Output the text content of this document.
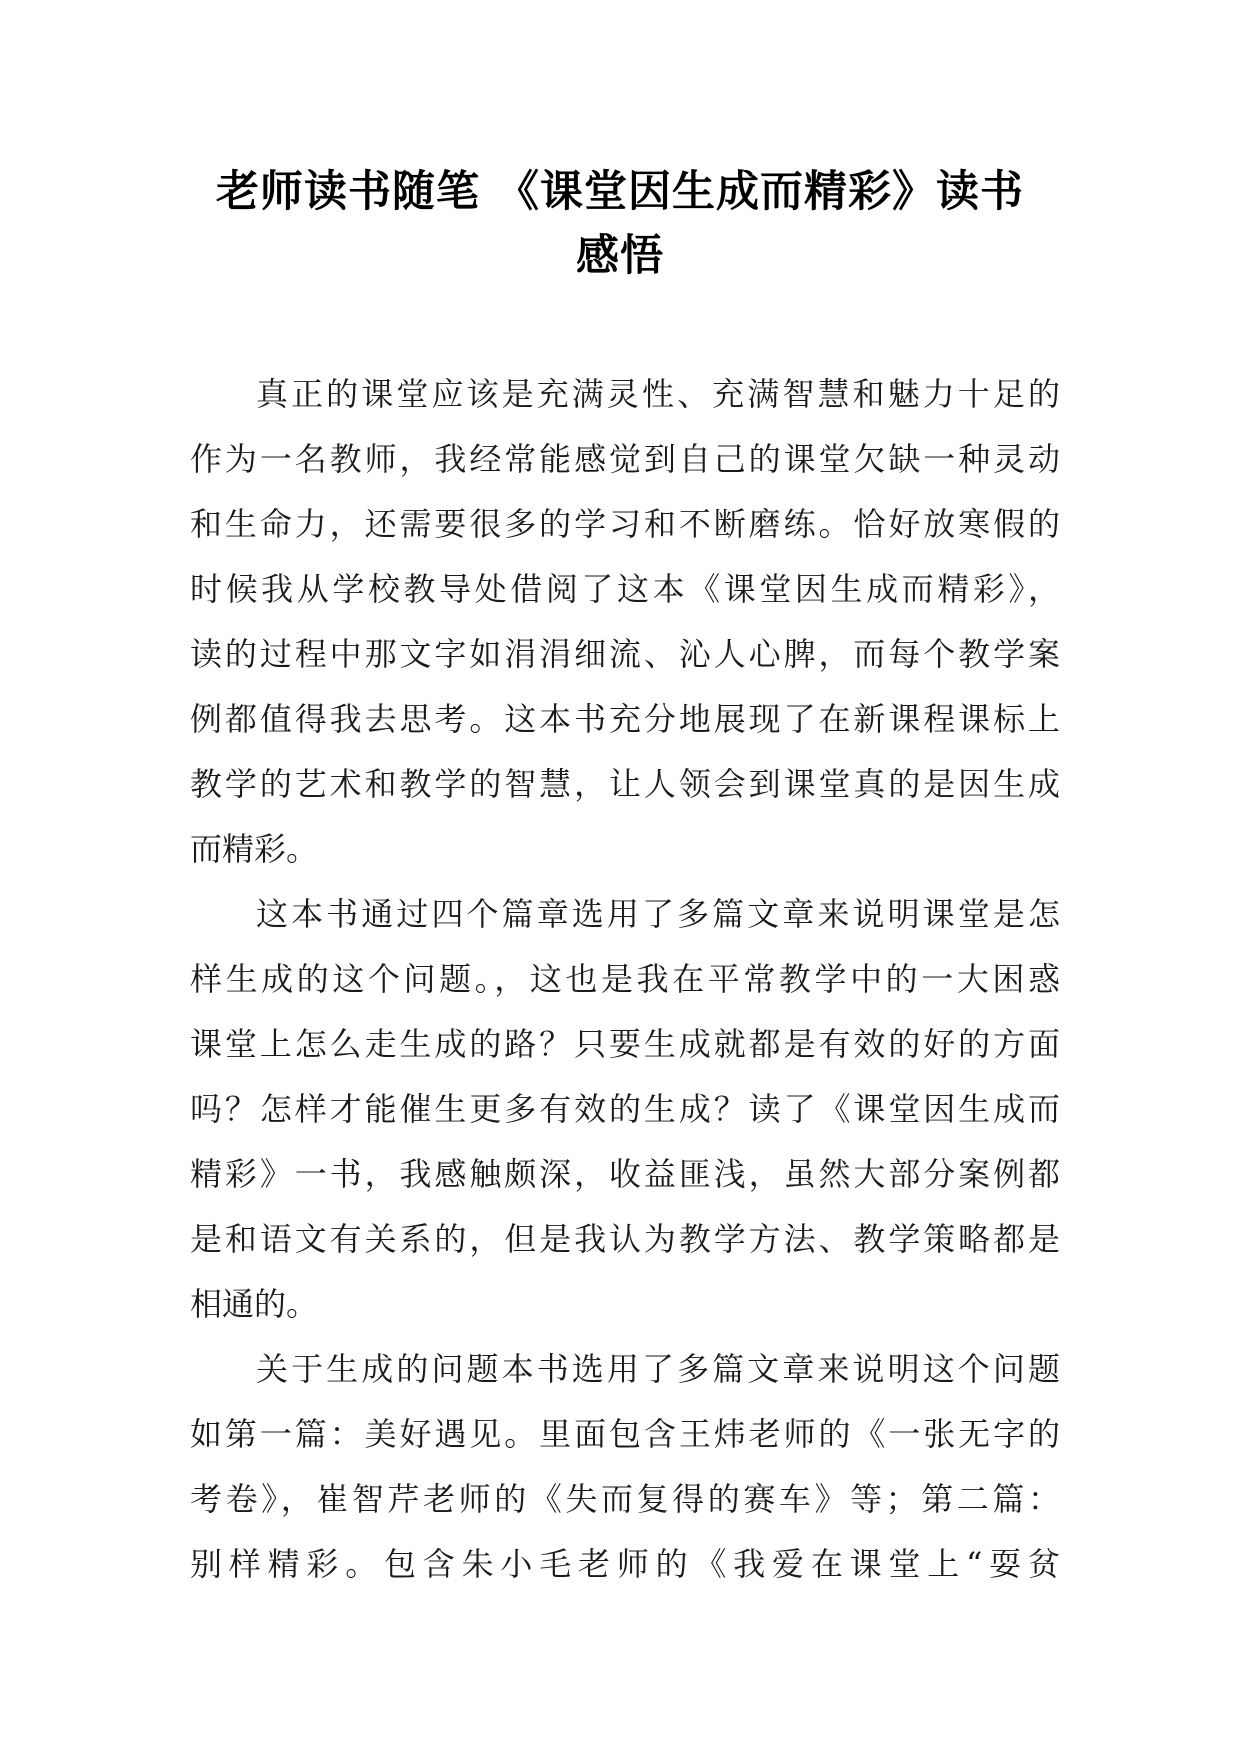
老师读书随笔 《课堂因生成而精彩》读书
感悟
真正的课堂应该是充满灵性、充满智慧和魅力十足的
作为一名教师，我经常能感觉到自己的课堂欠缺一种灵动
和生命力，还需要很多的学习和不断磨练。恰好放寒假的
时候我从学校教导处借阅了这本《课堂因生成而精彩》，
读的过程中那文字如涓涓细流、沁人心脾，而每个教学案
例都值得我去思考。这本书充分地展现了在新课程课标上
教学的艺术和教学的智慧，让人领会到课堂真的是因生成
而精彩。
这本书通过四个篇章选用了多篇文章来说明课堂是怎
样生成的这个问题。，这也是我在平常教学中的一大困惑
课堂上怎么走生成的路？只要生成就都是有效的好的方面
吗？怎样才能催生更多有效的生成？读了《课堂因生成而
精彩》一书，我感触颇深，收益匪浅，虽然大部分案例都
是和语文有关系的，但是我认为教学方法、教学策略都是
相通的。
关于生成的问题本书选用了多篇文章来说明这个问题
如第一篇：美好遇见。里面包含王炜老师的《一张无字的
考卷》，崔智芹老师的《失而复得的赛车》等；第二篇：
别样精彩。包含朱小毛老师的《我爱在课堂上“耍贫
